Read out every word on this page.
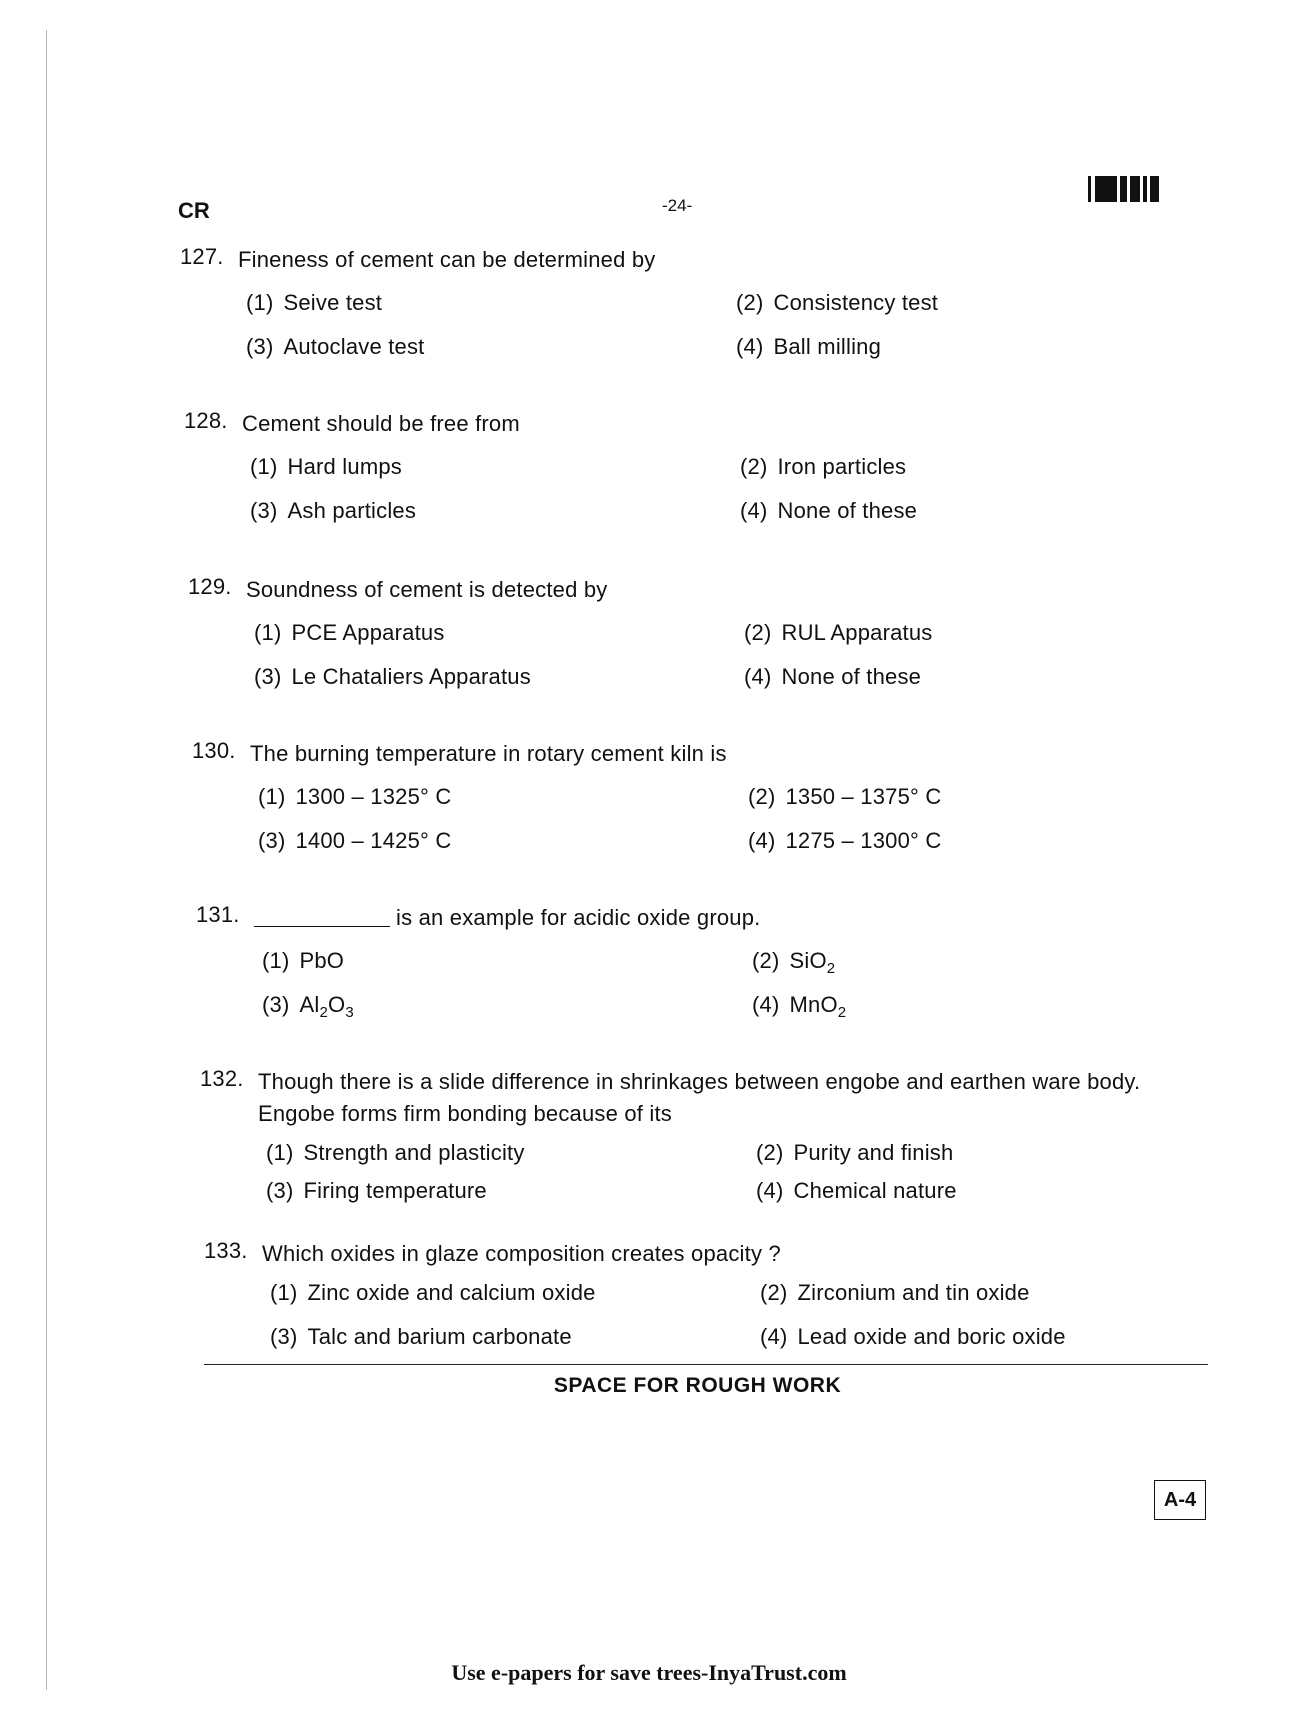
CR	-24-
127. Fineness of cement can be determined by
(1) Seive test	(2) Consistency test
(3) Autoclave test	(4) Ball milling
128. Cement should be free from
(1) Hard lumps	(2) Iron particles
(3) Ash particles	(4) None of these
129. Soundness of cement is detected by
(1) PCE Apparatus	(2) RUL Apparatus
(3) Le Chataliers Apparatus	(4) None of these
130. The burning temperature in rotary cement kiln is
(1) 1300 – 1325° C	(2) 1350 – 1375° C
(3) 1400 – 1425° C	(4) 1275 – 1300° C
131.	is an example for acidic oxide group.
(1) PbO	(2) SiO$_2$
(3) $Al_2O_3$	(4) MnO$_2$
132. Though there is a slide difference in shrinkages between engobe and earthen ware body. Engobe forms firm bonding because of its
(1) Strength and plasticity	(2) Purity and finish
(3) Firing temperature	(4) Chemical nature
133. Which oxides in glaze composition creates opacity ?
(1) Zinc oxide and calcium oxide	(2) Zirconium and tin oxide
(3) Talc and barium carbonate	(4) Lead oxide and boric oxide
SPACE FOR ROUGH WORK
A-4
Use e-papers for save trees-InyaTrust.com
